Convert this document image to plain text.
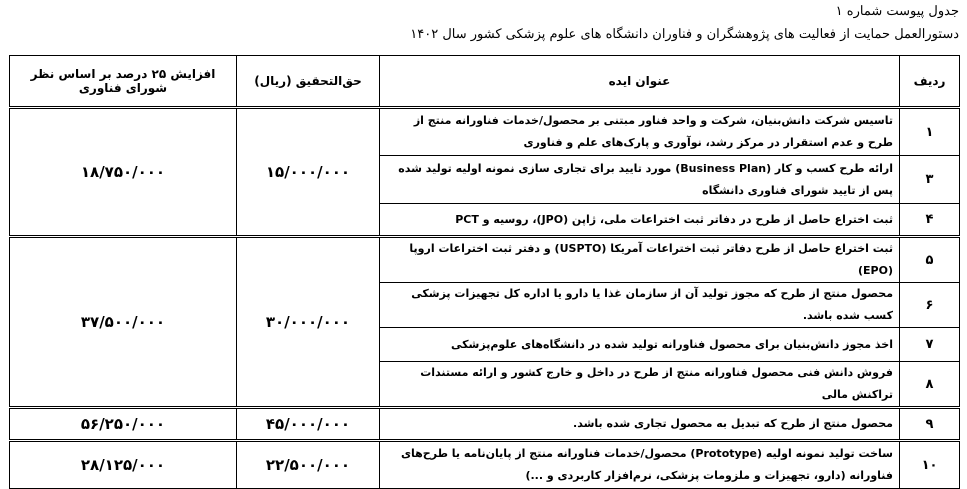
جدول پیوست شماره ۱
دستورالعمل حمایت از فعالیت های پژوهشگران و فناوران دانشگاه های علوم پزشکی کشور سال ۱۴۰۲
ردیف	عنوان ایده	حق‌التحقیق (ریال)	افزایش ۲۵ درصد بر اساس نظر شورای فناوری
۱	تاسیس شرکت دانش‌بنیان، شرکت و واحد فناور مبتنی بر محصول/خدمات فناورانه منتج از طرح و عدم استقرار در مرکز رشد، نوآوری و پارک‌های علم و فناوری	۱۵/۰۰۰/۰۰۰	۱۸/۷۵۰/۰۰۰
۳	ارائه طرح کسب و کار (Business Plan) مورد تایید برای تجاری سازی نمونه اولیه تولید شده پس از تایید شورای فناوری دانشگاه		
۴	ثبت اختراع حاصل از طرح در دفاتر ثبت اختراعات ملی، ژاپن (JPO)، روسیه و PCT		
۵	ثبت اختراع حاصل از طرح دفاتر ثبت اختراعات آمریکا (USPTO) و دفتر ثبت اختراعات اروپا (EPO)	۳۰/۰۰۰/۰۰۰	۳۷/۵۰۰/۰۰۰
۶	محصول منتج از طرح که مجوز تولید آن از سازمان غذا یا دارو یا اداره کل تجهیزات پزشکی کسب شده باشد.		
۷	اخذ مجوز دانش‌بنیان برای محصول فناورانه تولید شده در دانشگاه‌های علوم‌پزشکی		
۸	فروش دانش فنی محصول فناورانه منتج از طرح در داخل و خارج کشور و ارائه مستندات تراکنش مالی		
۹	محصول منتج از طرح که تبدیل به محصول تجاری شده باشد.	۴۵/۰۰۰/۰۰۰	۵۶/۲۵۰/۰۰۰
۱۰	ساخت تولید نمونه اولیه (Prototype) محصول/خدمات فناورانه منتج از پایان‌نامه یا طرح‌های فناورانه (دارو، تجهیزات و ملزومات پزشکی، نرم‌افزار کاربردی و ...)	۲۲/۵۰۰/۰۰۰	۲۸/۱۲۵/۰۰۰
